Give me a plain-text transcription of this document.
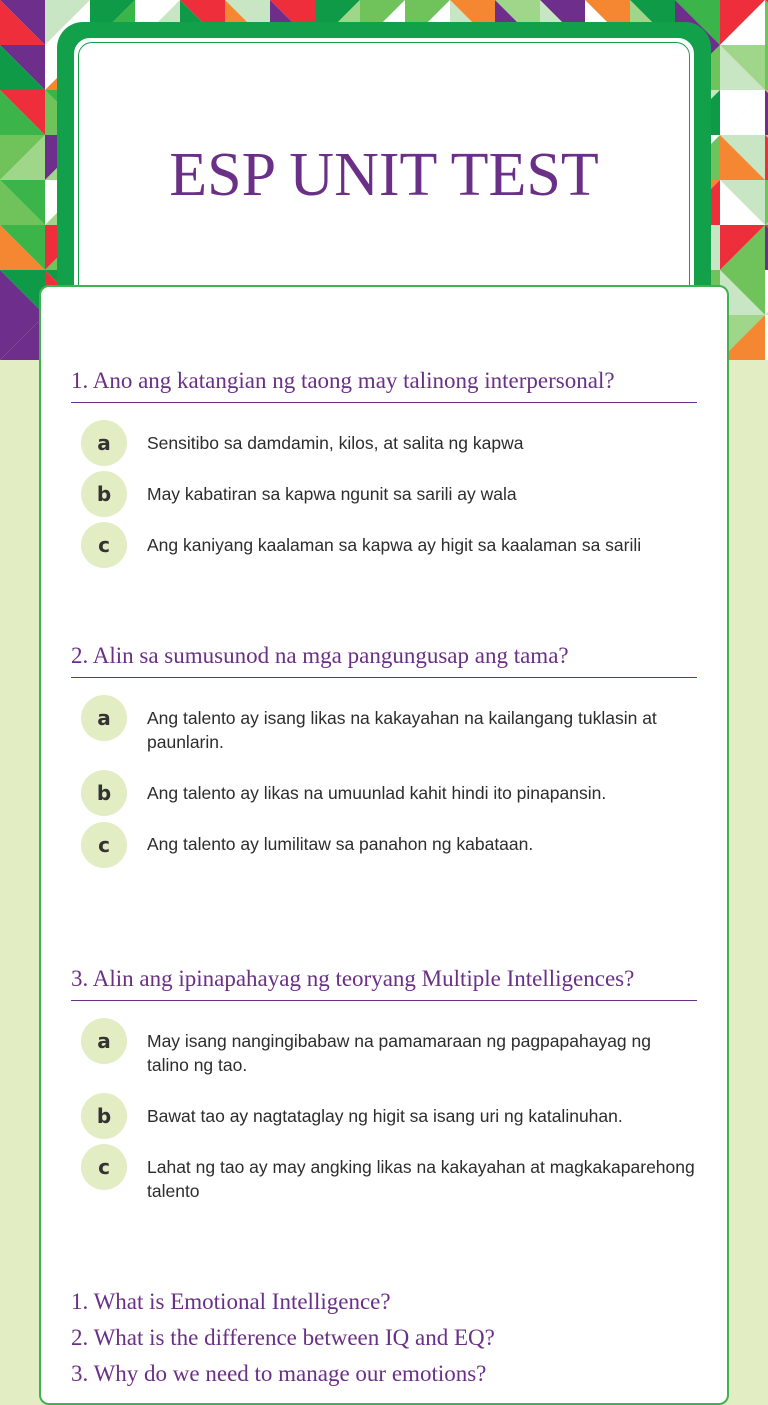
ESP UNIT TEST

1. Ano ang katangian ng taong may talinong interpersonal?

a	Sensitibo sa damdamin, kilos, at salita ng kapwa
b	May kabatiran sa kapwa ngunit sa sarili ay wala
c	Ang kaniyang kaalaman sa kapwa ay higit sa kaalaman sa sarili

2. Alin sa sumusunod na mga pangungusap ang tama?

a	Ang talento ay isang likas na kakayahan na kailangang tuklasin at paunlarin.
b	Ang talento ay likas na umuunlad kahit hindi ito pinapansin.
c	Ang talento ay lumilitaw sa panahon ng kabataan.

3. Alin ang ipinapahayag ng teoryang Multiple Intelligences?

a	May isang nangingibabaw na pamamaraan ng pagpapahayag ng talino ng tao.
b	Bawat tao ay nagtataglay ng higit sa isang uri ng katalinuhan.
c	Lahat ng tao ay may angking likas na kakayahan at magkakaparehong talento
1. What is Emotional Intelligence?
2. What is the difference between IQ and EQ?
3. Why do we need to manage our emotions?
